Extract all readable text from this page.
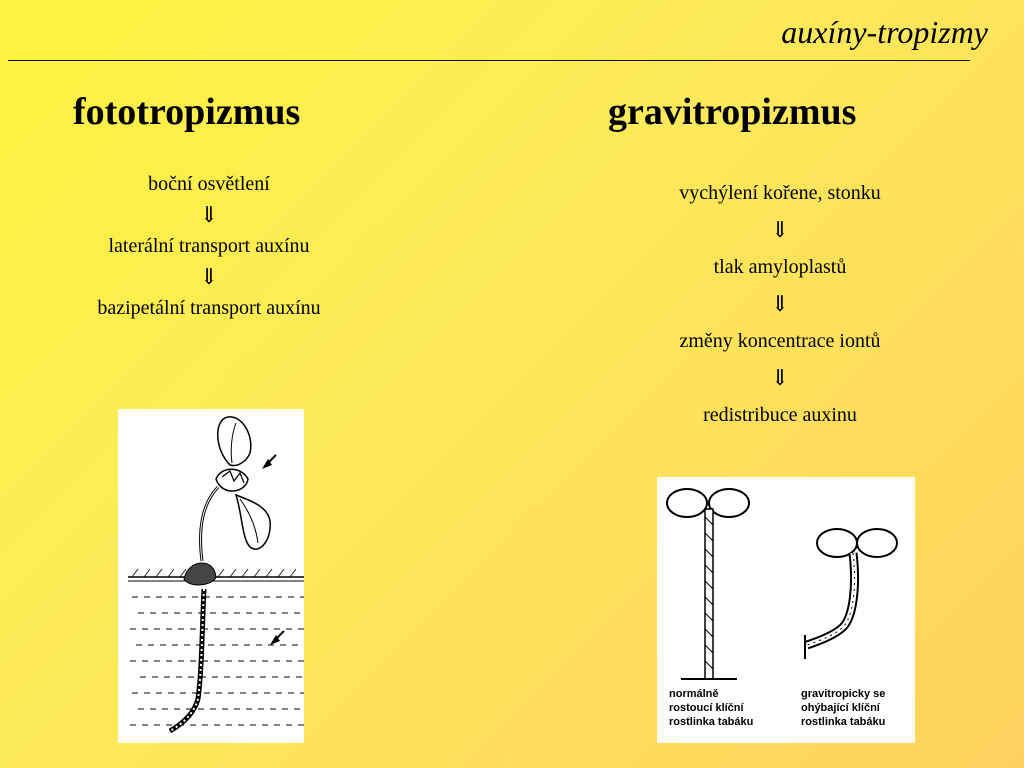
auxíny-tropizmy
fototropizmus	gravitropizmus
boční osvětlení
⇓
laterální transport auxínu
⇓
bazipetální transport auxínu
vychýlení kořene, stonku
⇓
tlak amyloplastů
⇓
změny koncentrace iontů
⇓
redistribuce auxinu
normálně
rostoucí klíční
rostlinka tabáku
gravitropicky se
ohýbající klíční
rostlinka tabáku
